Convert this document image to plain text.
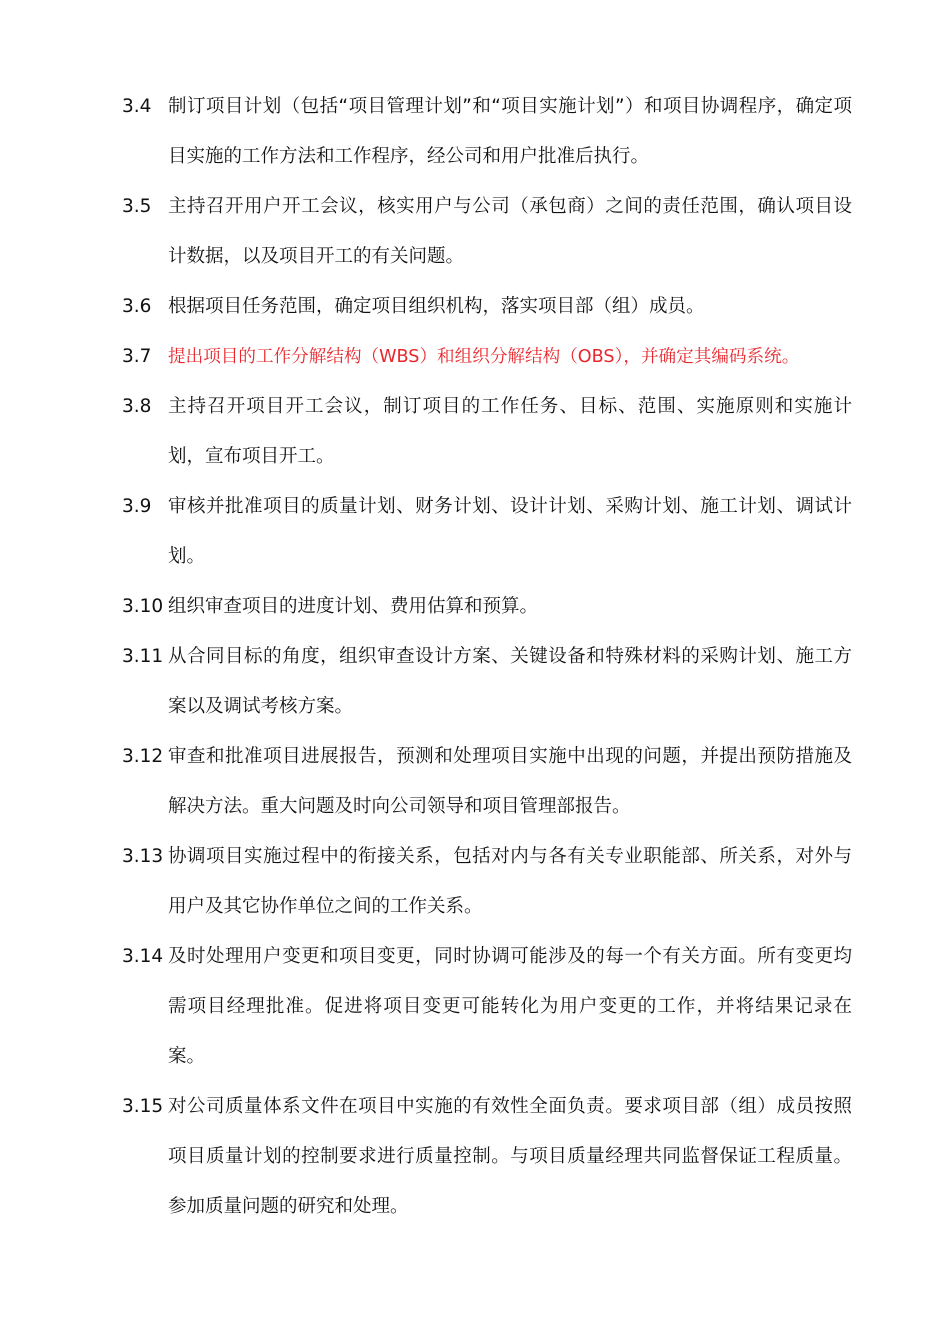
3.4 制订项目计划（包括“项目管理计划”和“项目实施计划”）和项目协调程序，确定项目实施的工作方法和工作程序，经公司和用户批准后执行。
3.5 主持召开用户开工会议，核实用户与公司（承包商）之间的责任范围，确认项目设计数据，以及项目开工的有关问题。
3.6 根据项目任务范围，确定项目组织机构，落实项目部（组）成员。
3.7 提出项目的工作分解结构（WBS）和组织分解结构（OBS），并确定其编码系统。
3.8 主持召开项目开工会议，制订项目的工作任务、目标、范围、实施原则和实施计划，宣布项目开工。
3.9 审核并批准项目的质量计划、财务计划、设计计划、采购计划、施工计划、调试计划。
3.10 组织审查项目的进度计划、费用估算和预算。
3.11 从合同目标的角度，组织审查设计方案、关键设备和特殊材料的采购计划、施工方案以及调试考核方案。
3.12 审查和批准项目进展报告，预测和处理项目实施中出现的问题，并提出预防措施及解决方法。重大问题及时向公司领导和项目管理部报告。
3.13 协调项目实施过程中的衔接关系，包括对内与各有关专业职能部、所关系，对外与用户及其它协作单位之间的工作关系。
3.14 及时处理用户变更和项目变更，同时协调可能涉及的每一个有关方面。所有变更均需项目经理批准。促进将项目变更可能转化为用户变更的工作，并将结果记录在案。
3.15 对公司质量体系文件在项目中实施的有效性全面负责。要求项目部（组）成员按照项目质量计划的控制要求进行质量控制。与项目质量经理共同监督保证工程质量。参加质量问题的研究和处理。
